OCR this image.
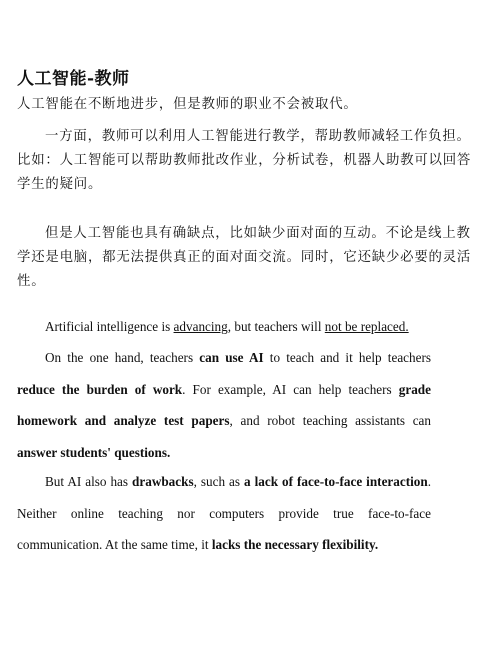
人工智能-教师

人工智能在不断地进步，但是教师的职业不会被取代。

一方面，教师可以利用人工智能进行教学，帮助教师减轻工作负担。比如：人工智能可以帮助教师批改作业，分析试卷，机器人助教可以回答学生的疑问。

但是人工智能也具有确缺点，比如缺少面对面的互动。不论是线上教学还是电脑，都无法提供真正的面对面交流。同时，它还缺少必要的灵活性。

Artificial intelligence is advancing, but teachers will not be replaced.

On the one hand, teachers can use AI to teach and it help teachers reduce the burden of work. For example, AI can help teachers grade homework and analyze test papers, and robot teaching assistants can answer students' questions.

But AI also has drawbacks, such as a lack of face-to-face interaction. Neither online teaching nor computers provide true face-to-face communication. At the same time, it lacks the necessary flexibility.
